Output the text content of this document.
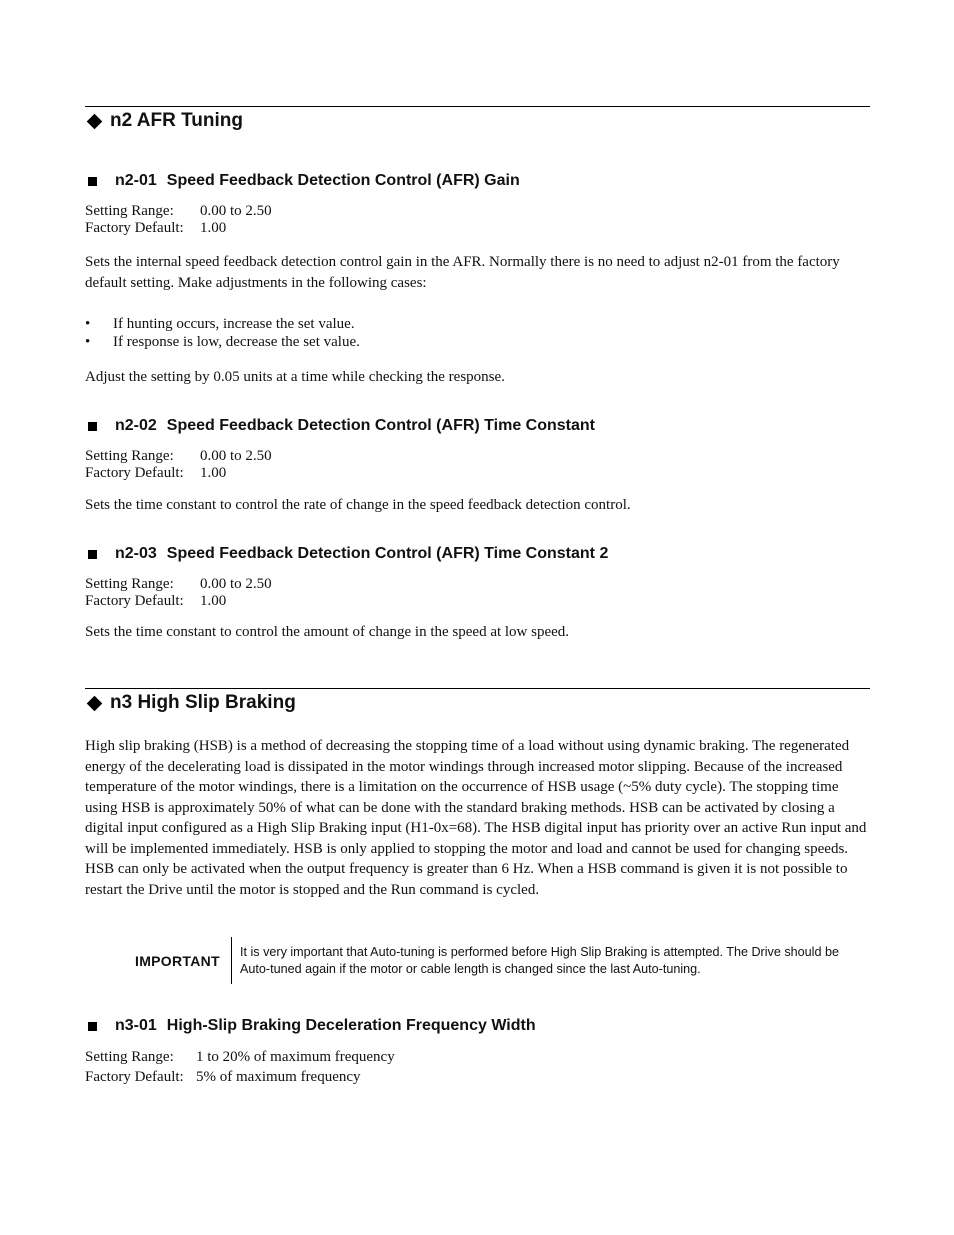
n2 AFR Tuning
n2-01 Speed Feedback Detection Control (AFR) Gain
Setting Range:	0.00 to 2.50
Factory Default:	1.00
Sets the internal speed feedback detection control gain in the AFR. Normally there is no need to adjust n2-01 from the factory default setting. Make adjustments in the following cases:
•	If hunting occurs, increase the set value.
•	If response is low, decrease the set value.
Adjust the setting by 0.05 units at a time while checking the response.
n2-02 Speed Feedback Detection Control (AFR) Time Constant
Setting Range:	0.00 to 2.50
Factory Default:	1.00
Sets the time constant to control the rate of change in the speed feedback detection control.
n2-03 Speed Feedback Detection Control (AFR) Time Constant 2
Setting Range:	0.00 to 2.50
Factory Default:	1.00
Sets the time constant to control the amount of change in the speed at low speed.
n3 High Slip Braking
High slip braking (HSB) is a method of decreasing the stopping time of a load without using dynamic braking. The regenerated energy of the decelerating load is dissipated in the motor windings through increased motor slipping. Because of the increased temperature of the motor windings, there is a limitation on the occurrence of HSB usage (~5% duty cycle). The stopping time using HSB is approximately 50% of what can be done with the standard braking methods. HSB can be activated by closing a digital input configured as a High Slip Braking input (H1-0x=68). The HSB digital input has priority over an active Run input and will be implemented immediately. HSB is only applied to stopping the motor and load and cannot be used for changing speeds. HSB can only be activated when the output frequency is greater than 6 Hz. When a HSB command is given it is not possible to restart the Drive until the motor is stopped and the Run command is cycled.
IMPORTANT
It is very important that Auto-tuning is performed before High Slip Braking is attempted. The Drive should be Auto-tuned again if the motor or cable length is changed since the last Auto-tuning.
n3-01 High-Slip Braking Deceleration Frequency Width
Setting Range:	1 to 20% of maximum frequency
Factory Default: 5% of maximum frequency
